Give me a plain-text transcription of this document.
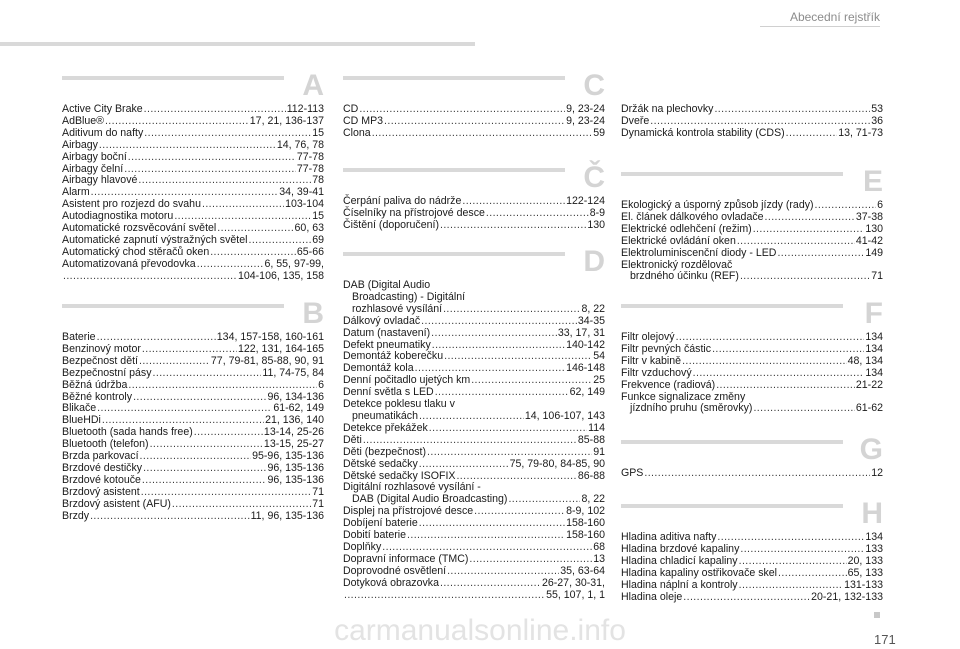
Abecední rejstřík
A
Active City Brake .....	112-113
AdBlue® .....	17, 21, 136-137
Aditivum do nafty .....	15
Airbagy .....	14, 76, 78
Airbagy boční .....	77-78
Airbagy čelní .....	77-78
Airbagy hlavové .....	78
Alarm .....	34, 39-41
Asistent pro rozjezd do svahu .....	103-104
Autodiagnostika motoru .....	15
Automatické rozsvěcování světel .....	60, 63
Automatické zapnutí výstražných světel .....	69
Automatický chod stěračů oken .....	65-66
Automatizovaná převodovka .....	6, 55, 97-99,
.....
104-106, 135, 158
B
Baterie .....	134, 157-158, 160-161
Benzinový motor .....	122, 131, 164-165
Bezpečnost dětí .....	77, 79-81, 85-88, 90, 91
Bezpečnostní pásy .....	11, 74-75, 84
Běžná údržba .....	6
Běžné kontroly .....	96, 134-136
Blikače .....	61-62, 149
BlueHDi .....	21, 136, 140
Bluetooth (sada hands free) .....	13-14, 25-26
Bluetooth (telefon) .....	13-15, 25-27
Brzda parkovací .....	95-96, 135-136
Brzdové destičky .....	96, 135-136
Brzdové kotouče .....	96, 135-136
Brzdový asistent .....	71
Brzdový asistent (AFU) .....	71
Brzdy .....	11, 96, 135-136
C
CD .....	9, 23-24
CD MP3 .....	9, 23-24
Clona .....	59
Č
Čerpání paliva do nádrže .....	122-124
Číselníky na přístrojové desce .....	8-9
Čištění (doporučení) .....	130
D
DAB (Digital Audio
Broadcasting) - Digitální
rozhlasové vysílání .....	8, 22
Dálkový ovladač .....	34-35
Datum (nastavení) .....	33, 17, 31
Defekt pneumatiky .....	140-142
Demontáž koberečku .....	54
Demontáž kola .....	146-148
Denní počitadlo ujetých km .....	25
Denní světla s LED .....	62, 149
Detekce poklesu tlaku v
pneumatikách .....	14, 106-107, 143
Detekce překážek .....	114
Děti .....	85-88
Děti (bezpečnost) .....	91
Dětské sedačky .....	75, 79-80, 84-85, 90
Dětské sedačky ISOFIX .....	86-88
Digitální rozhlasové vysílání -
DAB (Digital Audio Broadcasting) .....	8, 22
Displej na přístrojové desce .....	8-9, 102
Dobíjení baterie .....	158-160
Dobití baterie .....	158-160
Doplňky .....	68
Dopravní informace (TMC) .....	13
Doprovodné osvětlení .....	35, 63-64
Dotyková obrazovka .....	26-27, 30-31,
.....
55, 107, 1, 1
Držák na plechovky .....	53
Dveře .....	36
Dynamická kontrola stability (CDS) .....	13, 71-73
E
Ekologický a úsporný způsob jízdy (rady) .....	6
El. článek dálkového ovladače .....	37-38
Elektrické odlehčení (režim) .....	130
Elektrické ovládání oken .....	41-42
Elektroluminiscenční diody - LED .....	149
Elektronický rozdělovač
brzdného účinku (REF) .....	71
F
Filtr olejový .....	134
Filtr pevných částic .....	134
Filtr v kabině .....	48, 134
Filtr vzduchový .....	134
Frekvence (radiová) .....	21-22
Funkce signalizace změny
jízdního pruhu (směrovky) .....	61-62
G
GPS .....	12
H
Hladina aditiva nafty .....	134
Hladina brzdové kapaliny .....	133
Hladina chladicí kapaliny .....	20, 133
Hladina kapaliny ostřikovače skel .....	65, 133
Hladina náplní a kontroly .....	131-133
Hladina oleje .....	20-21, 132-133
171
carmanualsonline.info
